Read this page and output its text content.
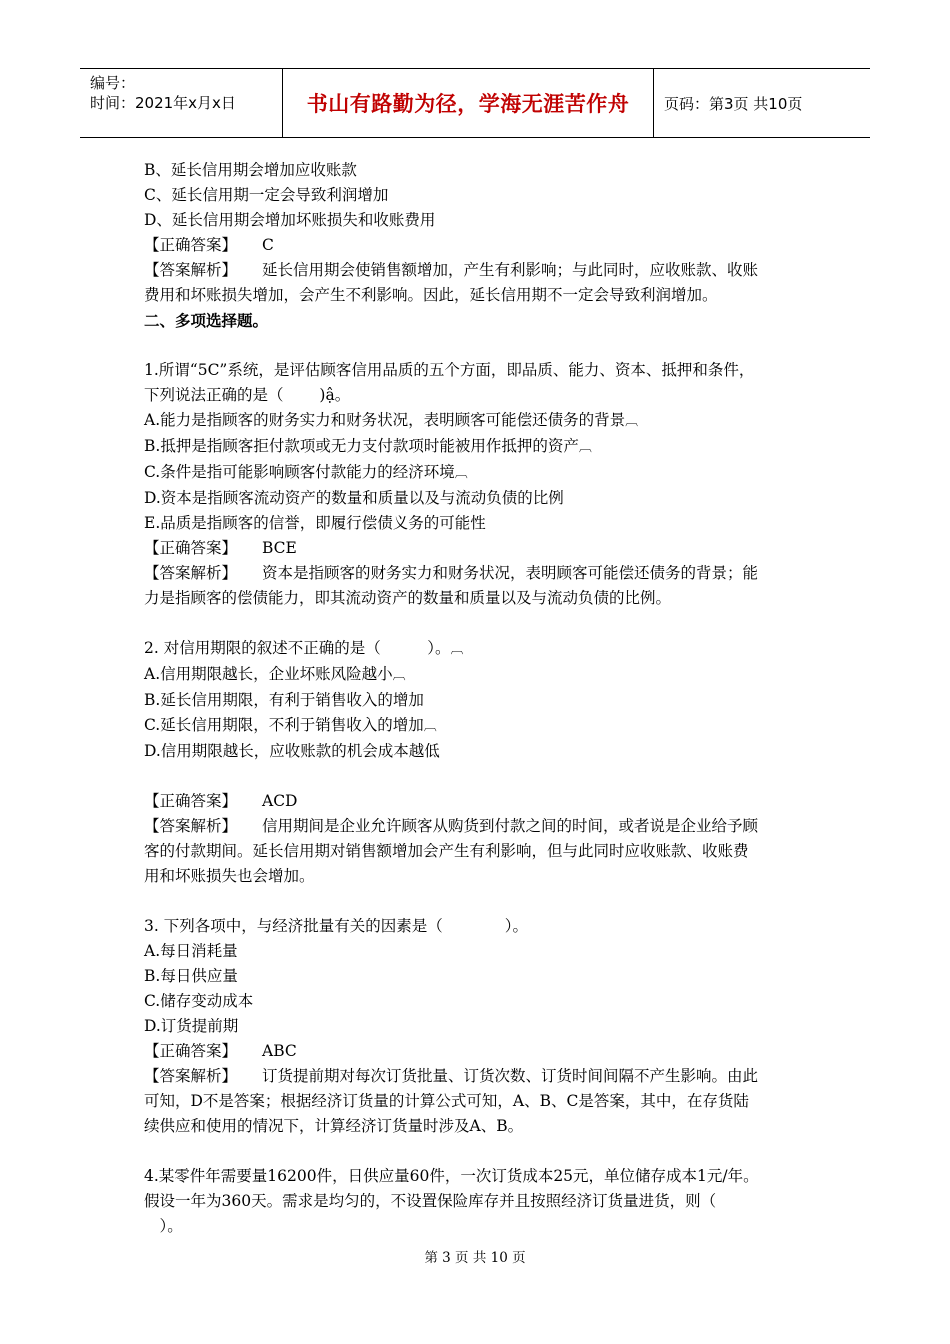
编号：
时间：2021年x月x日	书山有路勤为径，学海无涯苦作舟 页码：第3页 共10页
B、延长信用期会增加应收账款
C、延长信用期一定会导致利润增加
D、延长信用期会增加坏账损失和收账费用
【正确答案】 C
【答案解析】 延长信用期会使销售额增加，产生有利影响；与此同时，应收账款、收账
费用和坏账损失增加，会产生不利影响。因此，延长信用期不一定会导致利润增加。
二、多项选择题。
1.所谓“5C”系统，是评估顾客信用品质的五个方面，即品质、能力、资本、抵押和条件，
下列说法正确的是（　　 )ậ。
A.能力是指顾客的财务实力和财务状况，表明顾客可能偿还债务的背景︹
B.抵押是指顾客拒付款项或无力支付款项时能被用作抵押的资产︹
C.条件是指可能影响顾客付款能力的经济环境︹
D.资本是指顾客流动资产的数量和质量以及与流动负债的比例
E.品质是指顾客的信誉，即履行偿债义务的可能性
【正确答案】 BCE
【答案解析】 资本是指顾客的财务实力和财务状况，表明顾客可能偿还债务的背景；能
力是指顾客的偿债能力，即其流动资产的数量和质量以及与流动负债的比例。
2. 对信用期限的叙述不正确的是（　　　）。︹
A.信用期限越长，企业坏账风险越小︹
B.延长信用期限，有利于销售收入的增加
C.延长信用期限，不利于销售收入的增加︹
D.信用期限越长，应收账款的机会成本越低
【正确答案】 ACD
【答案解析】 信用期间是企业允许顾客从购货到付款之间的时间，或者说是企业给予顾
客的付款期间。延长信用期对销售额增加会产生有利影响，但与此同时应收账款、收账费
用和坏账损失也会增加。
3. 下列各项中，与经济批量有关的因素是（　　　　）。
A.每日消耗量
B.每日供应量
C.储存变动成本
D.订货提前期
【正确答案】 ABC
【答案解析】 订货提前期对每次订货批量、订货次数、订货时间间隔不产生影响。由此
可知，D不是答案；根据经济订货量的计算公式可知，A、B、C是答案，其中，在存货陆
续供应和使用的情况下，计算经济订货量时涉及A、B。
4.某零件年需要量16200件，日供应量60件，一次订货成本25元，单位储存成本1元/年。
假设一年为360天。需求是均匀的，不设置保险库存并且按照经济订货量进货，则（
　）。
第 3 页 共 10 页
